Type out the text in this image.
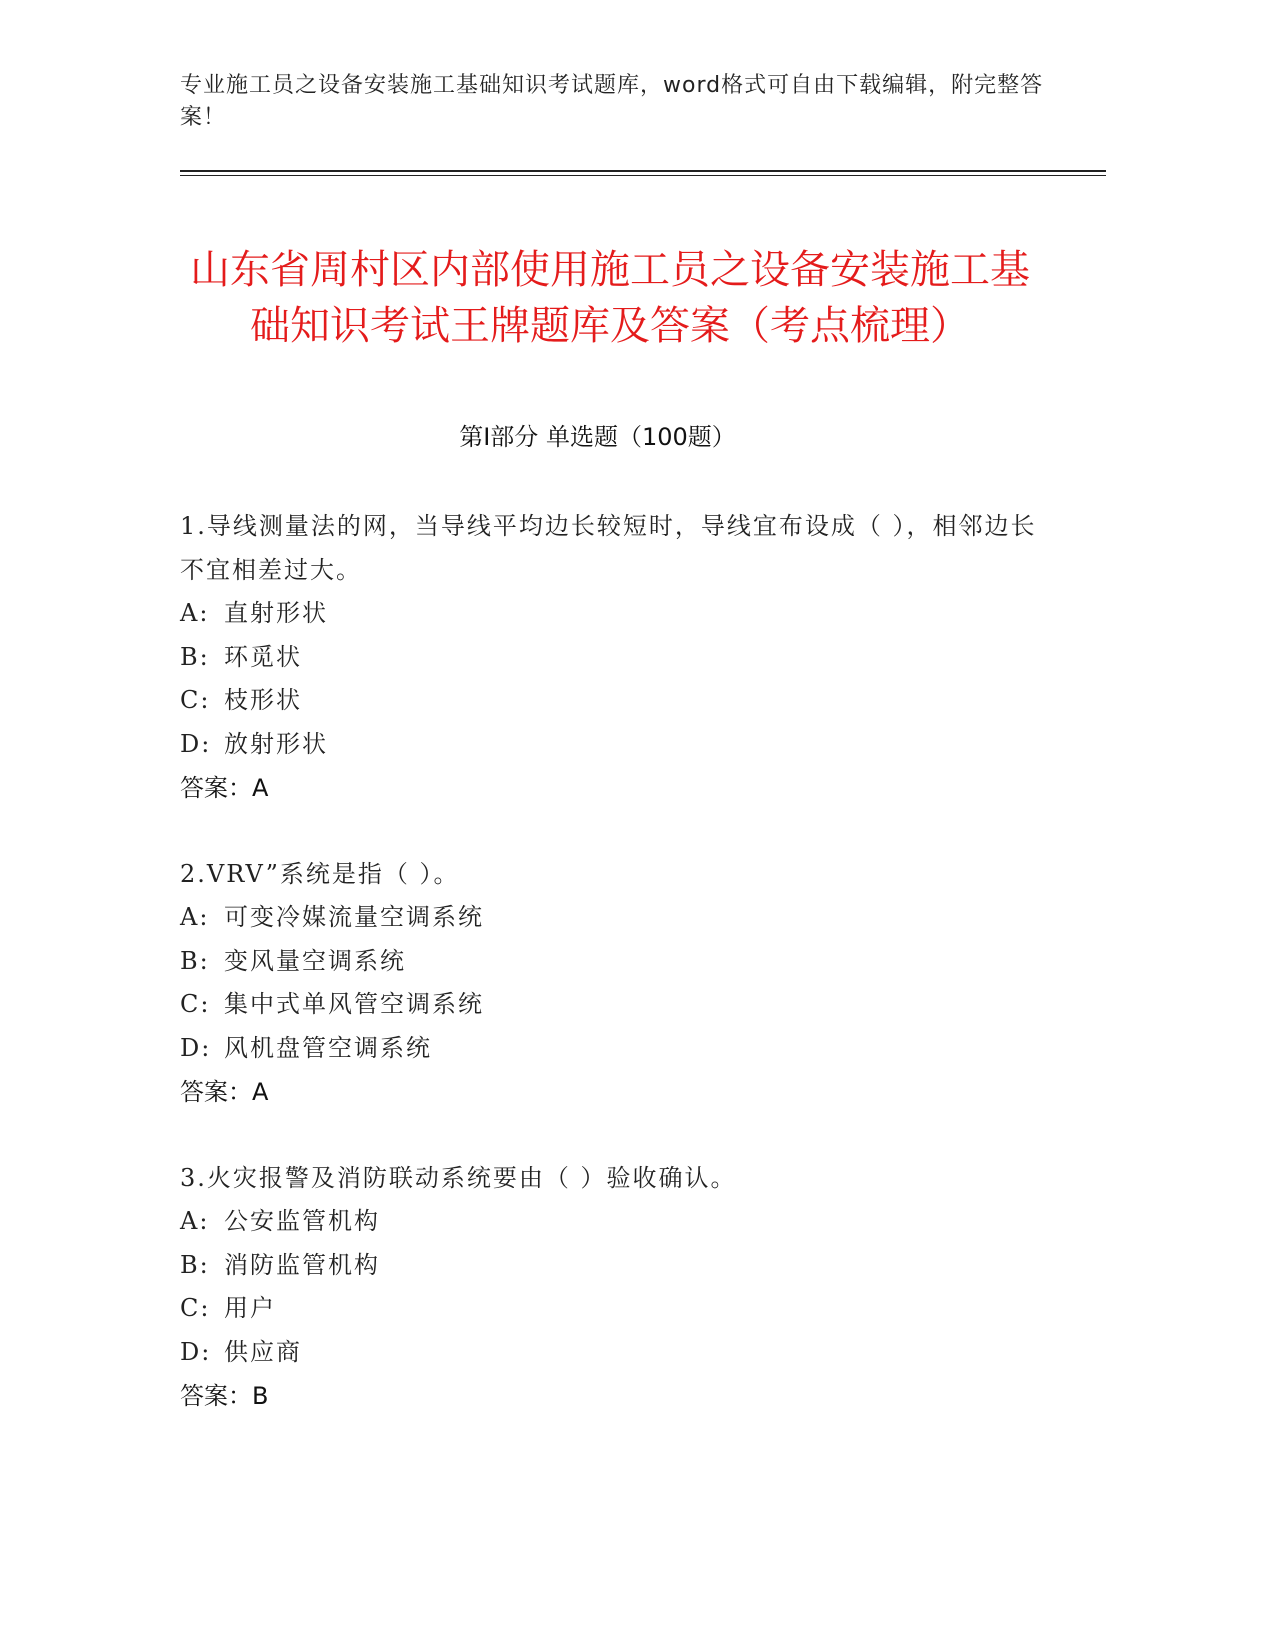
专业施工员之设备安装施工基础知识考试题库，word格式可自由下载编辑，附完整答案！
山东省周村区内部使用施工员之设备安装施工基础知识考试王牌题库及答案（考点梳理）
第Ⅰ部分 单选题（100题）
1.导线测量法的网，当导线平均边长较短时，导线宜布设成（ ），相邻边长不宜相差过大。
A: 直射形状
B: 环觅状
C: 枝形状
D: 放射形状
答案：A
2.VRV”系统是指（ ）。
A: 可变冷媒流量空调系统
B: 变风量空调系统
C: 集中式单风管空调系统
D: 风机盘管空调系统
答案：A
3.火灾报警及消防联动系统要由（ ）验收确认。
A: 公安监管机构
B: 消防监管机构
C: 用户
D: 供应商
答案：B
